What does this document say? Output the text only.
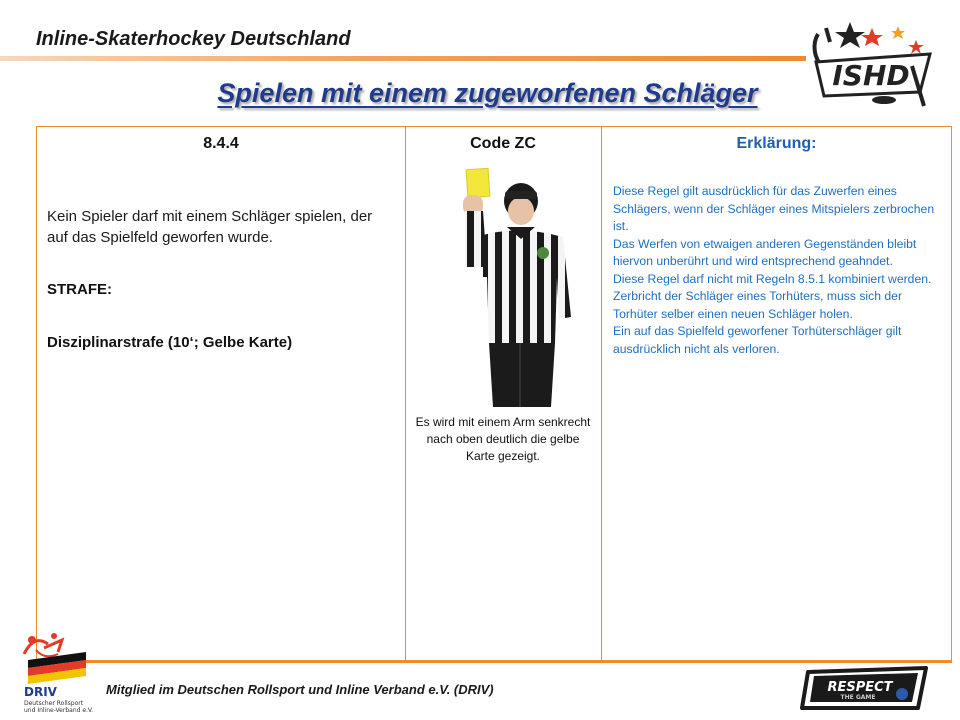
Inline-Skaterhockey Deutschland
ISHD
Spielen mit einem zugeworfenen Schläger
8.4.4
Kein Spieler darf mit einem Schläger spielen, der auf das Spielfeld geworfen wurde.
STRAFE:
Disziplinarstrafe (10‘; Gelbe Karte)
Code ZC
Es wird mit einem Arm senkrecht nach oben deutlich die gelbe Karte gezeigt.
Erklärung:

Diese Regel gilt ausdrücklich für das Zuwerfen eines Schlägers, wenn der Schläger eines Mitspielers zerbrochen ist.

Das Werfen von etwaigen anderen Gegenständen bleibt hiervon unberührt und wird entsprechend geahndet.

Diese Regel darf nicht mit Regeln 8.5.1 kombiniert werden.

Zerbricht der Schläger eines Torhüters, muss sich der Torhüter selber einen neuen Schläger holen.

Ein auf das Spielfeld geworfener Torhüterschläger gilt ausdrücklich nicht als verloren.

DRIV
Deutscher Rollsport
und Inline-Verband e.V.
Mitglied im Deutschen Rollsport und Inline Verband e.V. (DRIV)	RESPECT
THE GAME
